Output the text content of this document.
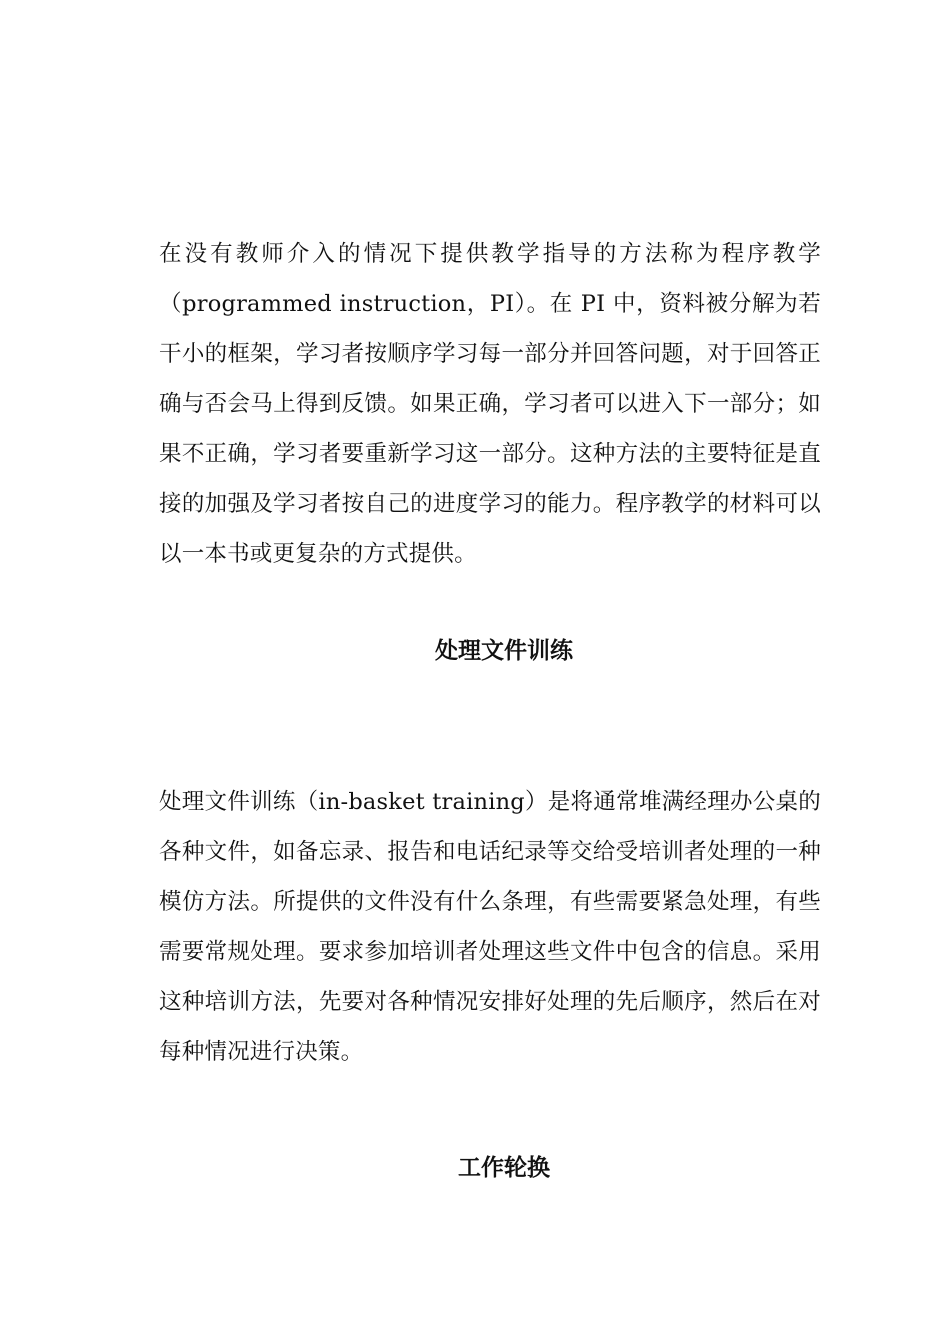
在没有教师介入的情况下提供教学指导的方法称为程序教学（programmed instruction，PI）。在 PI 中，资料被分解为若干小的框架，学习者按顺序学习每一部分并回答问题，对于回答正确与否会马上得到反馈。如果正确，学习者可以进入下一部分；如果不正确，学习者要重新学习这一部分。这种方法的主要特征是直接的加强及学习者按自己的进度学习的能力。程序教学的材料可以以一本书或更复杂的方式提供。

处理文件训练

处理文件训练（in-basket training）是将通常堆满经理办公桌的各种文件，如备忘录、报告和电话纪录等交给受培训者处理的一种模仿方法。所提供的文件没有什么条理，有些需要紧急处理，有些需要常规处理。要求参加培训者处理这些文件中包含的信息。采用这种培训方法，先要对各种情况安排好处理的先后顺序，然后在对每种情况进行决策。

工作轮换
